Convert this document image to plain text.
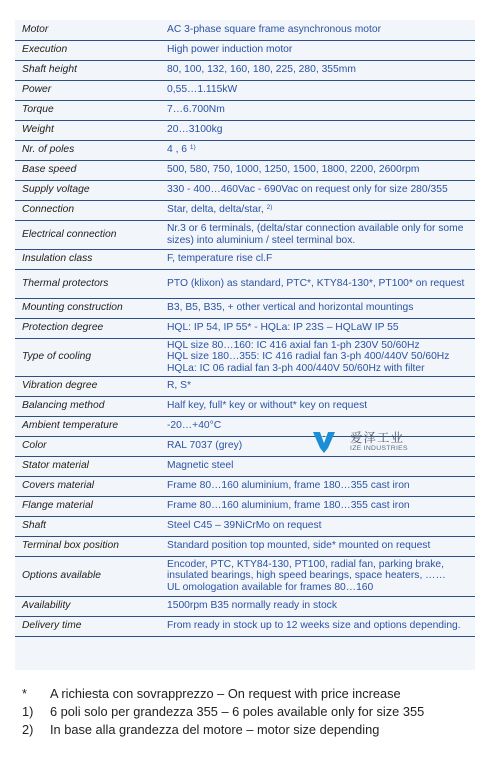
Motor	AC 3-phase square frame asynchronous motor
Execution	High power induction motor
Shaft height	80, 100, 132, 160, 180, 225, 280, 355mm
Power	0,55…1.115kW
Torque	7…6.700Nm
Weight	20…3100kg
Nr. of poles	4 , 6 $^{1)}$
Base speed	500, 580, 750, 1000, 1250, 1500, 1800, 2200, 2600rpm
Supply voltage	330 - 400…460Vac - 690Vac on request only for size 280/355
Connection	Star, delta, delta/star, $^{2)}$
Electrical connection	Nr.3 or 6 terminals, (delta/star connection available only for some sizes) into aluminium / steel terminal box.
Insulation class	F, temperature rise cl.F
Thermal protectors	PTO (klixon) as standard, PTC*, KTY84-130*, PT100* on request
Mounting construction	B3, B5, B35, + other vertical and horizontal mountings
Protection degree	HQL: IP 54, IP 55* - HQLa: IP 23S – HQLaW IP 55
Type of cooling	HQL size 80…160: IC 416 axial fan 1-ph 230V 50/60Hz
HQL size 180…355: IC 416 radial fan 3-ph 400/440V 50/60Hz
HQLa: IC 06 radial fan 3-ph 400/440V 50/60Hz with filter
Vibration degree	R, S*
Balancing method	Half key, full* key or without* key on request
Ambient temperature	-20…+40°C
Color	RAL 7037 (grey)
Stator material	Magnetic steel
Covers material	Frame 80…160 aluminium, frame 180…355 cast iron
Flange material	Frame 80…160 aluminium, frame 180…355 cast iron
Shaft	Steel C45 – 39NiCrMo on request
Terminal box position	Standard position top mounted, side* mounted on request
Options available	Encoder, PTC, KTY84-130, PT100, radial fan, parking brake, insulated bearings, high speed bearings, space heaters, ……
UL omologation available for frames 80…160
Availability	1500rpm B35 normally ready in stock
Delivery time	From ready in stock up to 12 weeks size and options depending.
爱泽工业
IZE INDUSTRIES
* A richiesta con sovrapprezzo – On request with price increase
1) 6 poli solo per grandezza 355 – 6 poles available only for size 355
2) In base alla grandezza del motore – motor size depending
